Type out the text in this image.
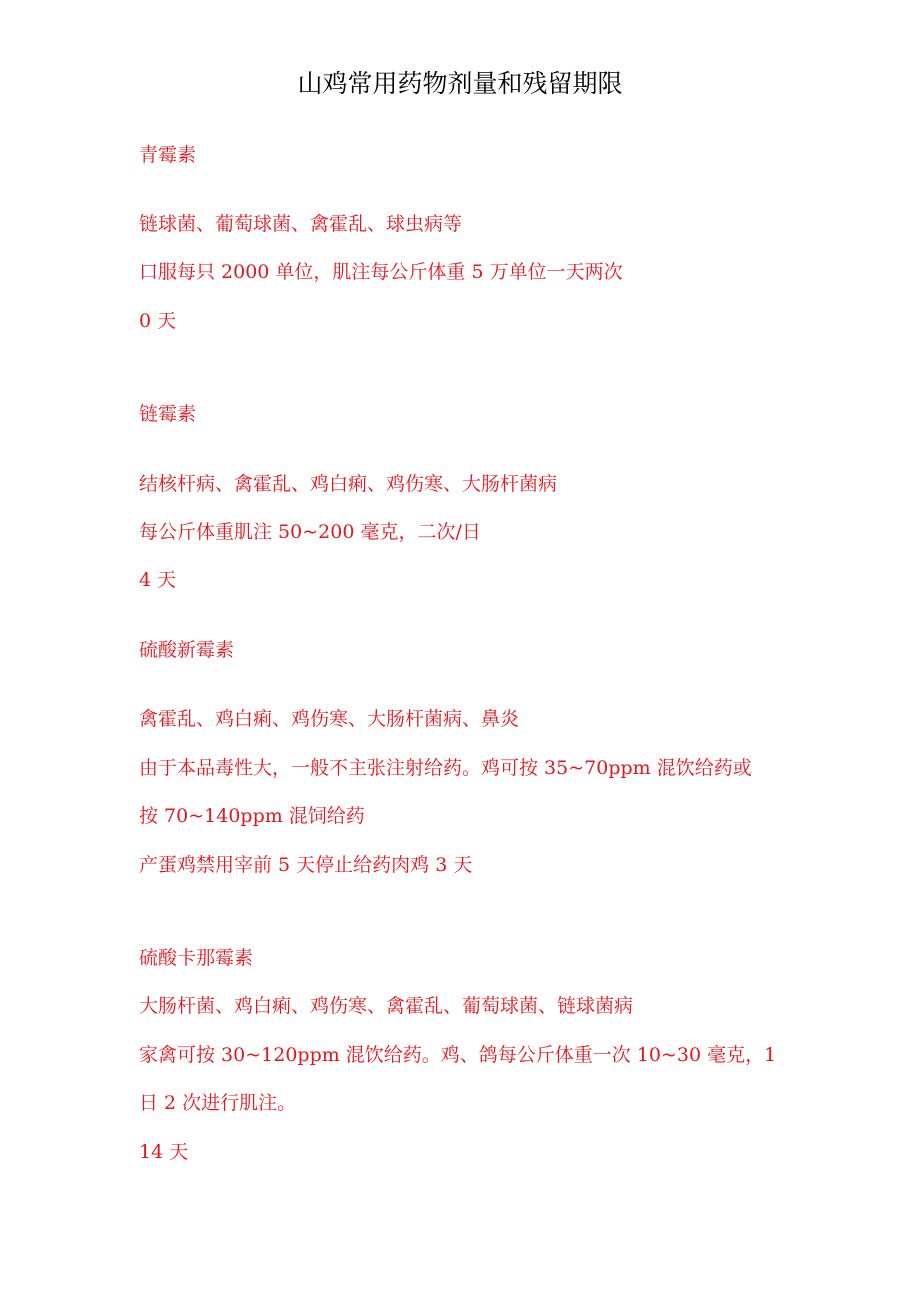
山鸡常用药物剂量和残留期限
青霉素
链球菌、葡萄球菌、禽霍乱、球虫病等
口服每只 2000 单位，肌注每公斤体重 5 万单位一天两次
0 天
链霉素
结核杆病、禽霍乱、鸡白痢、鸡伤寒、大肠杆菌病
每公斤体重肌注 50~200 毫克，二次/日
4 天
硫酸新霉素
禽霍乱、鸡白痢、鸡伤寒、大肠杆菌病、鼻炎
由于本品毒性大，一般不主张注射给药。鸡可按 35~70ppm 混饮给药或
按 70~140ppm 混饲给药
产蛋鸡禁用宰前 5 天停止给药肉鸡 3 天
硫酸卡那霉素
大肠杆菌、鸡白痢、鸡伤寒、禽霍乱、葡萄球菌、链球菌病
家禽可按 30~120ppm 混饮给药。鸡、鸽每公斤体重一次 10~30 毫克，1
日 2 次进行肌注。
14 天
